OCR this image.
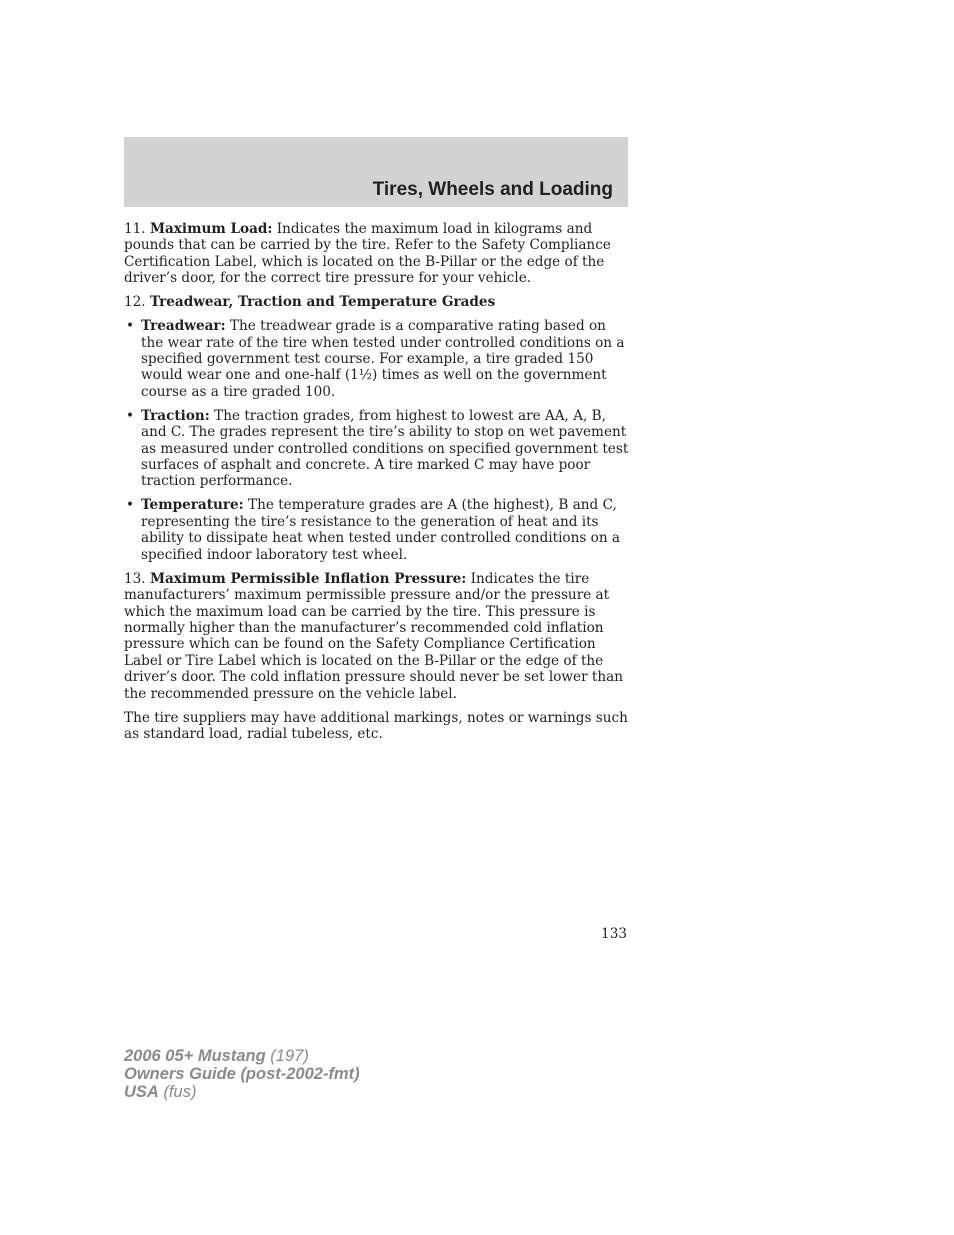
Tires, Wheels and Loading

11. Maximum Load: Indicates the maximum load in kilograms and pounds that can be carried by the tire. Refer to the Safety Compliance Certification Label, which is located on the B-Pillar or the edge of the driver’s door, for the correct tire pressure for your vehicle.

12. Treadwear, Traction and Temperature Grades

• Treadwear: The treadwear grade is a comparative rating based on the wear rate of the tire when tested under controlled conditions on a specified government test course. For example, a tire graded 150 would wear one and one-half (1½) times as well on the government course as a tire graded 100.
• Traction: The traction grades, from highest to lowest are AA, A, B, and C. The grades represent the tire’s ability to stop on wet pavement as measured under controlled conditions on specified government test surfaces of asphalt and concrete. A tire marked C may have poor traction performance.
• Temperature: The temperature grades are A (the highest), B and C, representing the tire’s resistance to the generation of heat and its ability to dissipate heat when tested under controlled conditions on a specified indoor laboratory test wheel.

13. Maximum Permissible Inflation Pressure: Indicates the tire manufacturers’ maximum permissible pressure and/or the pressure at which the maximum load can be carried by the tire. This pressure is normally higher than the manufacturer’s recommended cold inflation pressure which can be found on the Safety Compliance Certification Label or Tire Label which is located on the B-Pillar or the edge of the driver’s door. The cold inflation pressure should never be set lower than the recommended pressure on the vehicle label.

The tire suppliers may have additional markings, notes or warnings such as standard load, radial tubeless, etc.

133
2006 05+ Mustang (197)
Owners Guide (post-2002-fmt)
USA (fus)
